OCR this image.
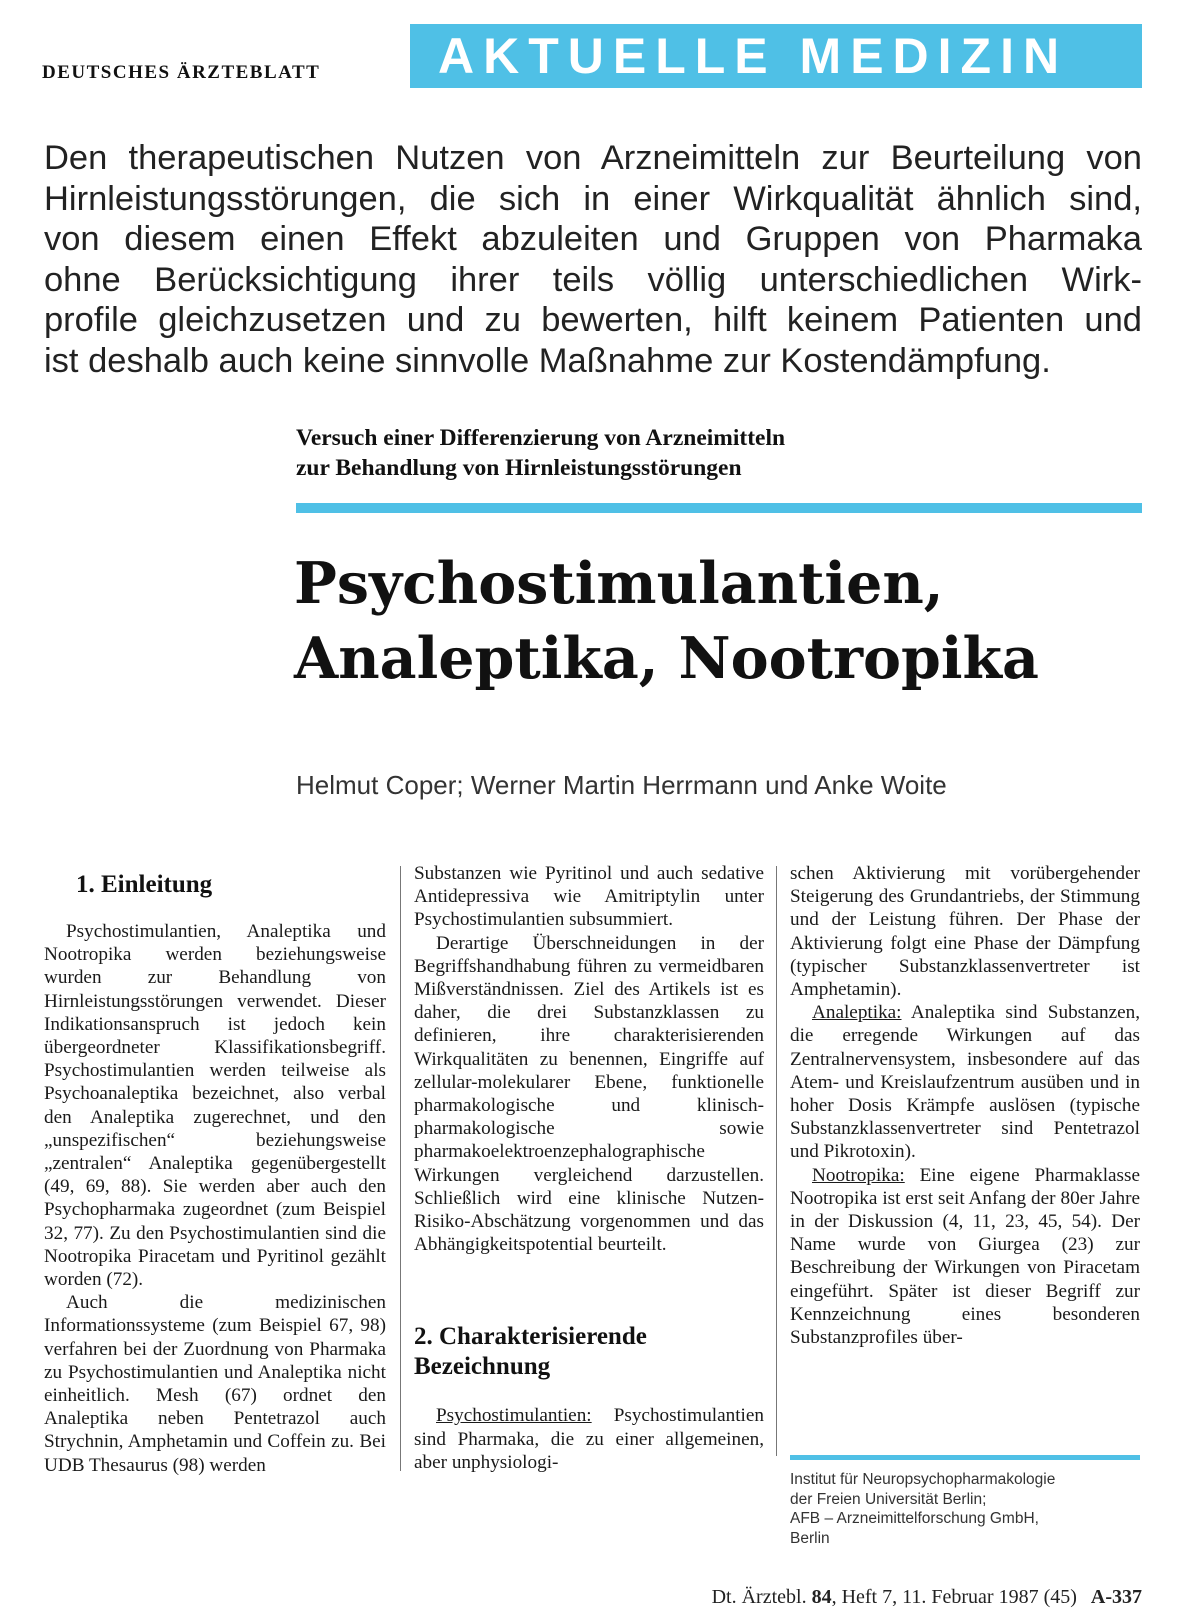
DEUTSCHES ÄRZTEBLATT AKTUELLE MEDIZIN
Den therapeutischen Nutzen von Arzneimitteln zur Beurteilung von
Hirnleistungsstörungen, die sich in einer Wirkqualität ähnlich sind,
von diesem einen Effekt abzuleiten und Gruppen von Pharmaka
ohne Berücksichtigung ihrer teils völlig unterschiedlichen Wirk-
profile gleichzusetzen und zu bewerten, hilft keinem Patienten und
ist deshalb auch keine sinnvolle Maßnahme zur Kostendämpfung.
Versuch einer Differenzierung von Arzneimitteln
zur Behandlung von Hirnleistungsstörungen
Psychostimulantien,
Analeptika, Nootropika
Helmut Coper; Werner Martin Herrmann und Anke Woite
1. Einleitung

Psychostimulantien, Analeptika und Nootropika werden beziehungsweise wurden zur Behandlung von Hirnleistungsstörungen verwendet. Dieser Indikationsanspruch ist jedoch kein übergeordneter Klassifikationsbegriff. Psychostimulantien werden teilweise als Psychoanaleptika bezeichnet, also verbal den Analeptika zugerechnet, und den „unspezifischen“ beziehungsweise „zentralen“ Analeptika gegenübergestellt (49, 69, 88). Sie werden aber auch den Psychopharmaka zugeordnet (zum Beispiel 32, 77). Zu den Psychostimulantien sind die Nootropika Piracetam und Pyritinol gezählt worden (72).

Auch die medizinischen Informationssysteme (zum Beispiel 67, 98) verfahren bei der Zuordnung von Pharmaka zu Psychostimulantien und Analeptika nicht einheitlich. Mesh (67) ordnet den Analeptika neben Pentetrazol auch Strychnin, Amphetamin und Coffein zu. Bei UDB Thesaurus (98) werden

Substanzen wie Pyritinol und auch sedative Antidepressiva wie Amitriptylin unter Psychostimulantien subsummiert.

Derartige Überschneidungen in der Begriffshandhabung führen zu vermeidbaren Mißverständnissen. Ziel des Artikels ist es daher, die drei Substanzklassen zu definieren, ihre charakterisierenden Wirkqualitäten zu benennen, Eingriffe auf zellular-molekularer Ebene, funktionelle pharmakologische und klinisch-pharmakologische sowie pharmakoelektroenzephalographische Wirkungen vergleichend darzustellen. Schließlich wird eine klinische Nutzen-Risiko-Abschätzung vorgenommen und das Abhängigkeitspotential beurteilt.

2. Charakterisierende Bezeichnung

Psychostimulantien: Psychostimulantien sind Pharmaka, die zu einer allgemeinen, aber unphysiologi-

schen Aktivierung mit vorübergehender Steigerung des Grundantriebs, der Stimmung und der Leistung führen. Der Phase der Aktivierung folgt eine Phase der Dämpfung (typischer Substanzklassenvertreter ist Amphetamin).

Analeptika: Analeptika sind Substanzen, die erregende Wirkungen auf das Zentralnervensystem, insbesondere auf das Atem- und Kreislaufzentrum ausüben und in hoher Dosis Krämpfe auslösen (typische Substanzklassenvertreter sind Pentetrazol und Pikrotoxin).

Nootropika: Eine eigene Pharmaklasse Nootropika ist erst seit Anfang der 80er Jahre in der Diskussion (4, 11, 23, 45, 54). Der Name wurde von Giurgea (23) zur Beschreibung der Wirkungen von Piracetam eingeführt. Später ist dieser Begriff zur Kennzeichnung eines besonderen Substanzprofiles über-

Institut für Neuropsychopharmakologie
der Freien Universität Berlin;
AFB – Arzneimittelforschung GmbH,
Berlin
Dt. Ärztebl. 84, Heft 7, 11. Februar 1987 (45) A-337
